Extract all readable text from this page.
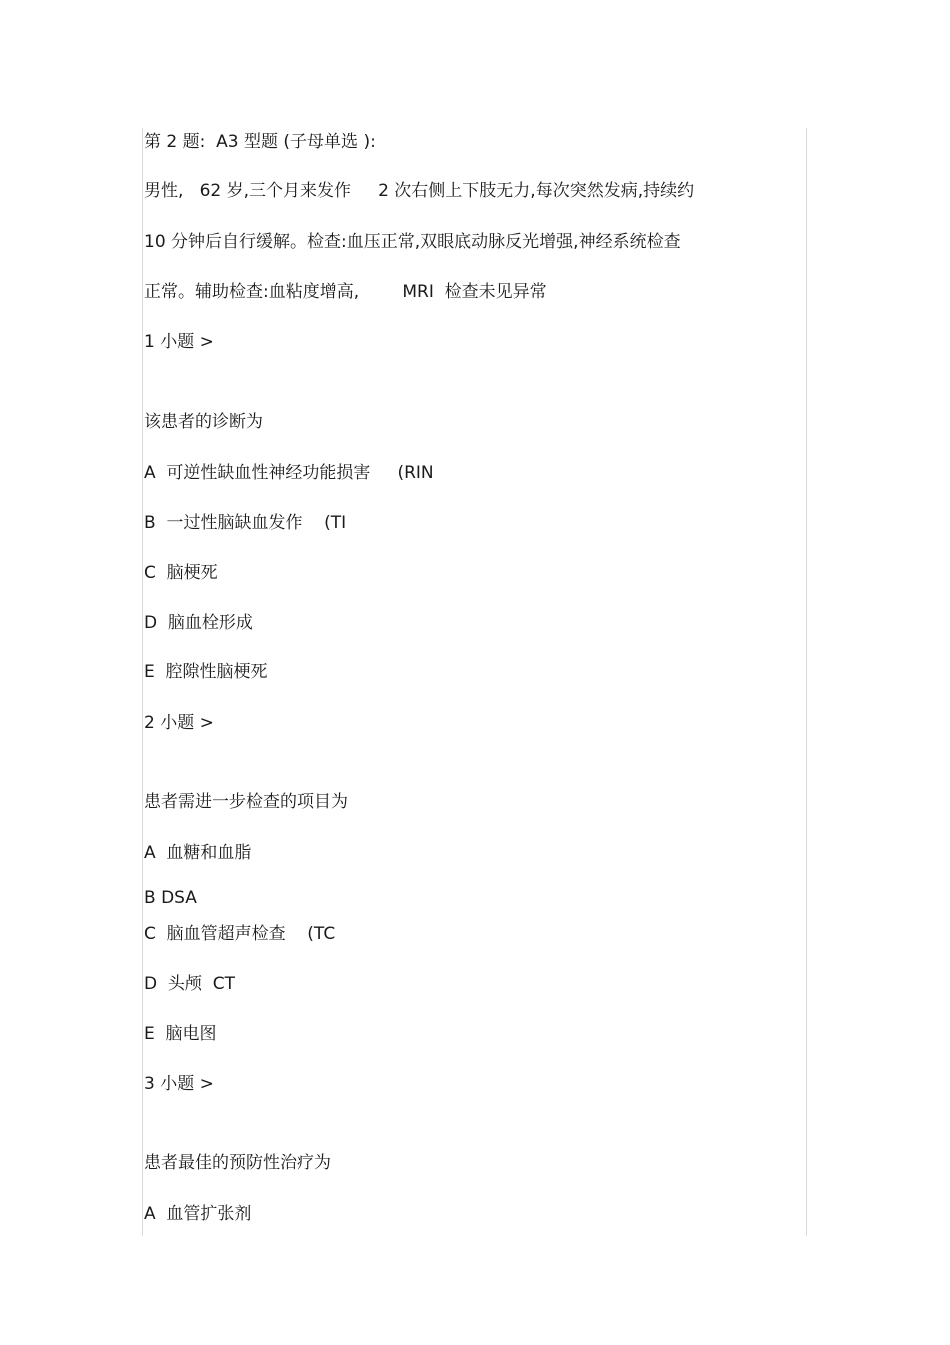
第 2 题:  A3 型题 (子母单选 ):
男性,   62 岁,三个月来发作     2 次右侧上下肢无力,每次突然发病,持续约
10 分钟后自行缓解。检查:血压正常,双眼底动脉反光增强,神经系统检查
正常。辅助检查:血粘度增高,        MRI  检查未见异常
1 小题 >
该患者的诊断为
A  可逆性缺血性神经功能损害     (RIN
B  一过性脑缺血发作    (TI
C  脑梗死
D  脑血栓形成
E  腔隙性脑梗死
2 小题 >
患者需进一步检查的项目为
A  血糖和血脂
B DSA
C  脑血管超声检查    (TC
D  头颅  CT
E  脑电图
3 小题 >
患者最佳的预防性治疗为
A  血管扩张剂
